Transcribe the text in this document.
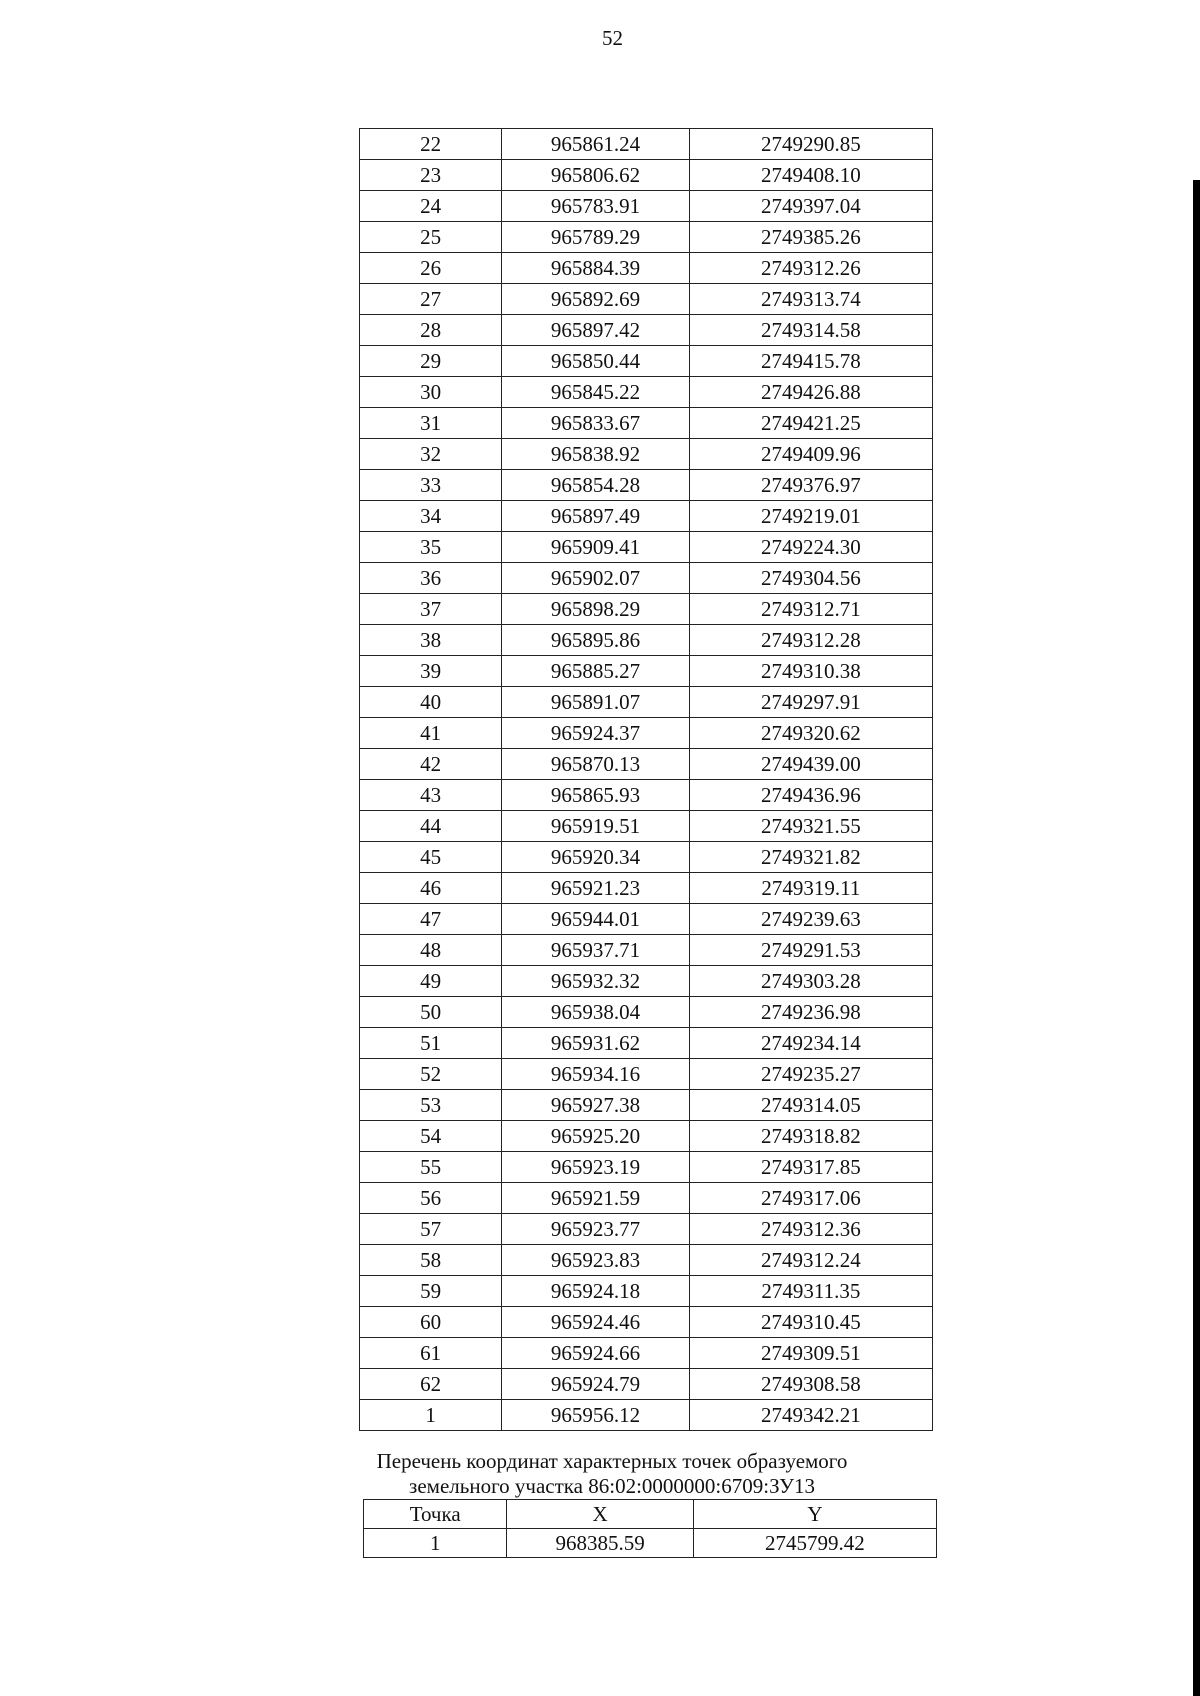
52
22	965861.24	2749290.85
23	965806.62	2749408.10
24	965783.91	2749397.04
25	965789.29	2749385.26
26	965884.39	2749312.26
27	965892.69	2749313.74
28	965897.42	2749314.58
29	965850.44	2749415.78
30	965845.22	2749426.88
31	965833.67	2749421.25
32	965838.92	2749409.96
33	965854.28	2749376.97
34	965897.49	2749219.01
35	965909.41	2749224.30
36	965902.07	2749304.56
37	965898.29	2749312.71
38	965895.86	2749312.28
39	965885.27	2749310.38
40	965891.07	2749297.91
41	965924.37	2749320.62
42	965870.13	2749439.00
43	965865.93	2749436.96
44	965919.51	2749321.55
45	965920.34	2749321.82
46	965921.23	2749319.11
47	965944.01	2749239.63
48	965937.71	2749291.53
49	965932.32	2749303.28
50	965938.04	2749236.98
51	965931.62	2749234.14
52	965934.16	2749235.27
53	965927.38	2749314.05
54	965925.20	2749318.82
55	965923.19	2749317.85
56	965921.59	2749317.06
57	965923.77	2749312.36
58	965923.83	2749312.24
59	965924.18	2749311.35
60	965924.46	2749310.45
61	965924.66	2749309.51
62	965924.79	2749308.58
1	965956.12	2749342.21
Перечень координат характерных точек образуемого
земельного участка 86:02:0000000:6709:ЗУ13
Точка	X	Y
1	968385.59	2745799.42
